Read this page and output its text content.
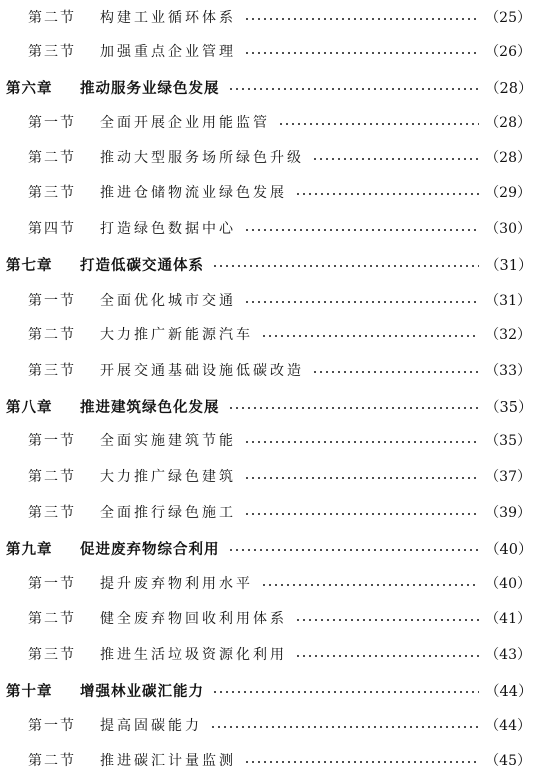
第二节	构建工业循环体系	（25）
第三节	加强重点企业管理	（26）
第六章	推动服务业绿色发展	（28）
第一节	全面开展企业用能监管	（28）
第二节	推动大型服务场所绿色升级	（28）
第三节	推进仓储物流业绿色发展	（29）
第四节	打造绿色数据中心	（30）
第七章	打造低碳交通体系	（31）
第一节	全面优化城市交通	（31）
第二节	大力推广新能源汽车	（32）
第三节	开展交通基础设施低碳改造	（33）
第八章	推进建筑绿色化发展	（35）
第一节	全面实施建筑节能	（35）
第二节	大力推广绿色建筑	（37）
第三节	全面推行绿色施工	（39）
第九章	促进废弃物综合利用	（40）
第一节	提升废弃物利用水平	（40）
第二节	健全废弃物回收利用体系	（41）
第三节	推进生活垃圾资源化利用	（43）
第十章	增强林业碳汇能力	（44）
第一节	提高固碳能力	（44）
第二节	推进碳汇计量监测	（45）
